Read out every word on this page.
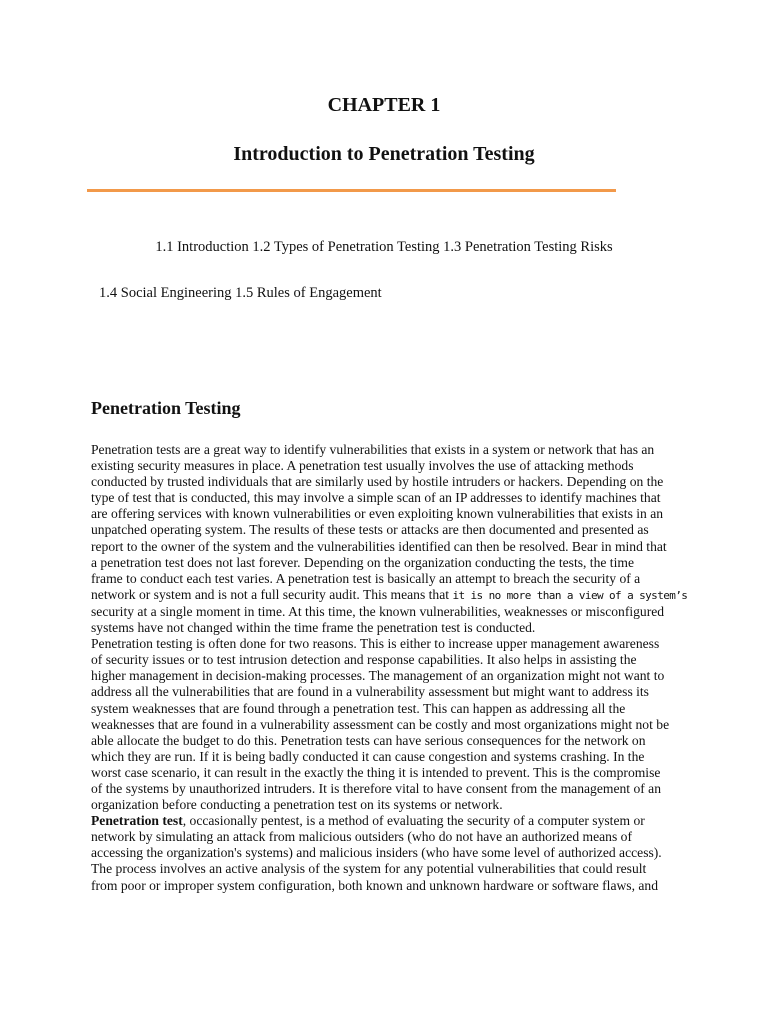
CHAPTER 1
Introduction to Penetration Testing
1.1 Introduction 1.2 Types of Penetration Testing 1.3 Penetration Testing Risks
1.4 Social Engineering 1.5 Rules of Engagement
Penetration Testing
Penetration tests are a great way to identify vulnerabilities that exists in a system or network that has an
existing security measures in place. A penetration test usually involves the use of attacking methods
conducted by trusted individuals that are similarly used by hostile intruders or hackers. Depending on the
type of test that is conducted, this may involve a simple scan of an IP addresses to identify machines that
are offering services with known vulnerabilities or even exploiting known vulnerabilities that exists in an
unpatched operating system. The results of these tests or attacks are then documented and presented as
report to the owner of the system and the vulnerabilities identified can then be resolved. Bear in mind that
a penetration test does not last forever. Depending on the organization conducting the tests, the time
frame to conduct each test varies. A penetration test is basically an attempt to breach the security of a
network or system and is not a full security audit. This means that it is no more than a view of a system’s
security at a single moment in time. At this time, the known vulnerabilities, weaknesses or misconfigured
systems have not changed within the time frame the penetration test is conducted.
Penetration testing is often done for two reasons. This is either to increase upper management awareness
of security issues or to test intrusion detection and response capabilities. It also helps in assisting the
higher management in decision-making processes. The management of an organization might not want to
address all the vulnerabilities that are found in a vulnerability assessment but might want to address its
system weaknesses that are found through a penetration test. This can happen as addressing all the
weaknesses that are found in a vulnerability assessment can be costly and most organizations might not be
able allocate the budget to do this. Penetration tests can have serious consequences for the network on
which they are run. If it is being badly conducted it can cause congestion and systems crashing. In the
worst case scenario, it can result in the exactly the thing it is intended to prevent. This is the compromise
of the systems by unauthorized intruders. It is therefore vital to have consent from the management of an
organization before conducting a penetration test on its systems or network.
Penetration test, occasionally pentest, is a method of evaluating the security of a computer system or
network by simulating an attack from malicious outsiders (who do not have an authorized means of
accessing the organization's systems) and malicious insiders (who have some level of authorized access).
The process involves an active analysis of the system for any potential vulnerabilities that could result
from poor or improper system configuration, both known and unknown hardware or software flaws, and
